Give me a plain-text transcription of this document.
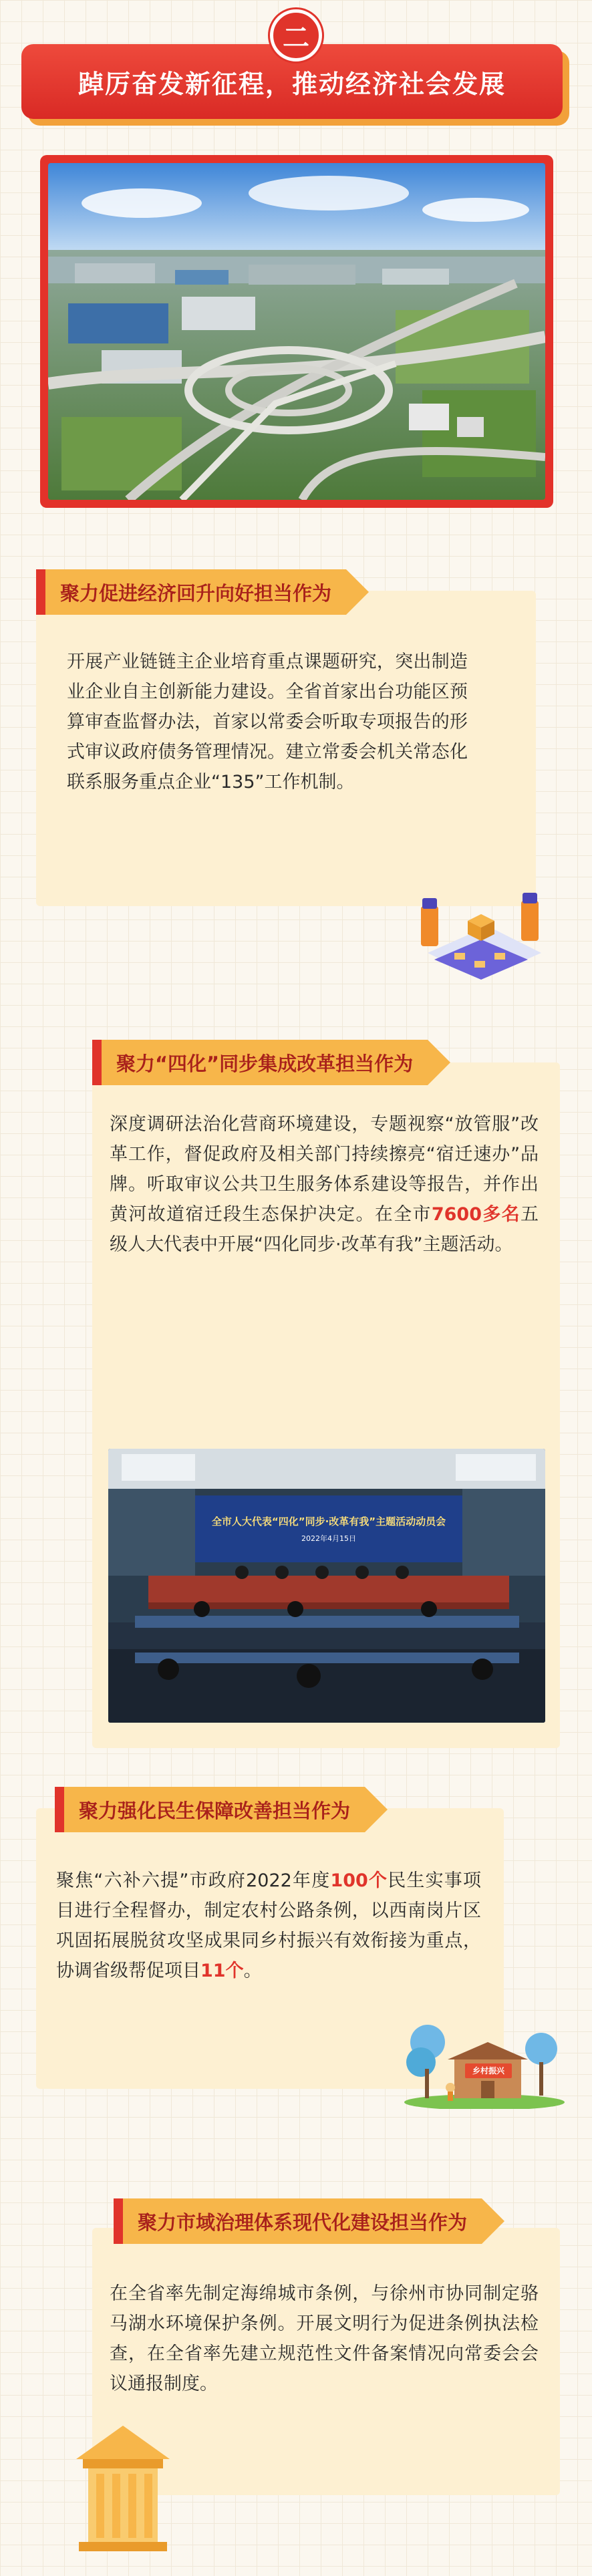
二
踔厉奋发新征程，推动经济社会发展
聚力促进经济回升向好担当作为
开展产业链链主企业培育重点课题研究，突出制造业企业自主创新能力建设。全省首家出台功能区预算审查监督办法，首家以常委会听取专项报告的形式审议政府债务管理情况。建立常委会机关常态化联系服务重点企业“135”工作机制。
聚力“四化”同步集成改革担当作为
深度调研法治化营商环境建设，专题视察“放管服”改革工作，督促政府及相关部门持续擦亮“宿迁速办”品牌。听取审议公共卫生服务体系建设等报告，并作出黄河故道宿迁段生态保护决定。在全市7600多名五级人大代表中开展“四化同步·改革有我”主题活动。
全市人大代表“四化”同步·改革有我”主题活动动员会
2022年4月15日
聚力强化民生保障改善担当作为
聚焦“六补六提”市政府2022年度100个民生实事项目进行全程督办，制定农村公路条例，以西南岗片区巩固拓展脱贫攻坚成果同乡村振兴有效衔接为重点，协调省级帮促项目11个。
乡村振兴
聚力市域治理体系现代化建设担当作为
在全省率先制定海绵城市条例，与徐州市协同制定骆马湖水环境保护条例。开展文明行为促进条例执法检查，在全省率先建立规范性文件备案情况向常委会会议通报制度。
